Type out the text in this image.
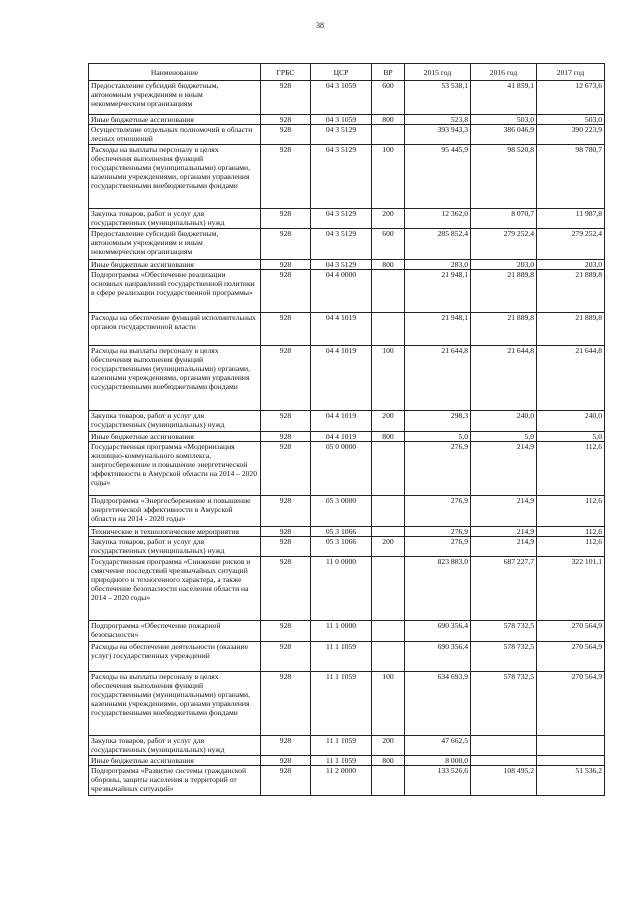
38
Наименование	ГРБС	ЦСР	ВР	2015 год	2016 год	2017 год
Предоставление субсидий бюджетным, автономным учреждениям и иным некоммерческим организациям	928	04 3 1059	600	53 538,1	41 859,1	12 673,6
Иные бюджетные ассигнования	928	04 3 1059	800	523,8	503,0	503,0
Осуществление отдельных полномочий в области лесных отношений	928	04 3 5129		393 943,3	386 046,9	390 223,9
Расходы на выплаты персоналу в целях обеспечения выполнения функций государственными (муниципальными) органами, казенными учреждениями, органами управления государственными внебюджетными фондами	928	04 3 5129	100	95 445,9	98 520,8	98 780,7
Закупка товаров, работ и услуг для государственных (муниципальных) нужд	928	04 3 5129	200	12 362,0	8 070,7	11 987,8
Предоставление субсидий бюджетным, автономным учреждениям и иным некоммерческим организациям	928	04 3 5129	600	285 852,4	279 252,4	279 252,4
Иные бюджетные ассигнования	928	04 3 5129	800	283,0	203,0	203,0
Подпрограмма «Обеспечение реализации основных направлений государственной политики в сфере реализации государственной программы»	928	04 4 0000		21 948,1	21 889,8	21 889,8
Расходы на обеспечение функций исполнительных органов государственной власти	928	04 4 1019		21 948,1	21 889,8	21 889,8
Расходы на выплаты персоналу в целях обеспечения выполнения функций государственными (муниципальными) органами, казенными учреждениями, органами управления государственными внебюджетными фондами	928	04 4 1019	100	21 644,8	21 644,8	21 644,8
Закупка товаров, работ и услуг для государственных (муниципальных) нужд	928	04 4 1019	200	298,3	240,0	240,0
Иные бюджетные ассигнования	928	04 4 1019	800	5,0	5,0	5,0
Государственная программа «Модернизация жилищно-коммунального комплекса, энергосбережение и повышение энергетической эффективности в Амурской области на 2014 – 2020 годы»	928	05 0 0000		276,9	214,9	112,6
Подпрограмма «Энергосбережение и повышение энергетической эффективности в Амурской области на 2014 - 2020 годы»	928	05 3 0000		276,9	214,9	112,6
Технические и технологические мероприятия	928	05 3 1066		276,9	214,9	112,6
Закупка товаров, работ и услуг для государственных (муниципальных) нужд	928	05 3 1066	200	276,9	214,9	112,6
Государственная программа «Снижение рисков и смягчение последствий чрезвычайных ситуаций природного и техногенного характера, а также обеспечение безопасности населения области на 2014 – 2020 годы»	928	11 0 0000		823 883,0	687 227,7	322 101,1
Подпрограмма «Обеспечение пожарной безопасности»	928	11 1 0000		690 356,4	578 732,5	270 564,9
Расходы на обеспечение деятельности (оказание услуг) государственных учреждений	928	11 1 1059		690 356,4	578 732,5	270 564,9
Расходы на выплаты персоналу в целях обеспечения выполнения функций государственными (муниципальными) органами, казенными учреждениями, органами управления государственными внебюджетными фондами	928	11 1 1059	100	634 693,9	578 732,5	270 564,9
Закупка товаров, работ и услуг для государственных (муниципальных) нужд	928	11 1 1059	200	47 662,5		
Иные бюджетные ассигнования	928	11 1 1059	800	8 000,0		
Подпрограмма «Развитие системы гражданской обороны, защиты населения и территорий от чрезвычайных ситуаций»	928	11 2 0000		133 526,6	108 495,2	51 536,2
